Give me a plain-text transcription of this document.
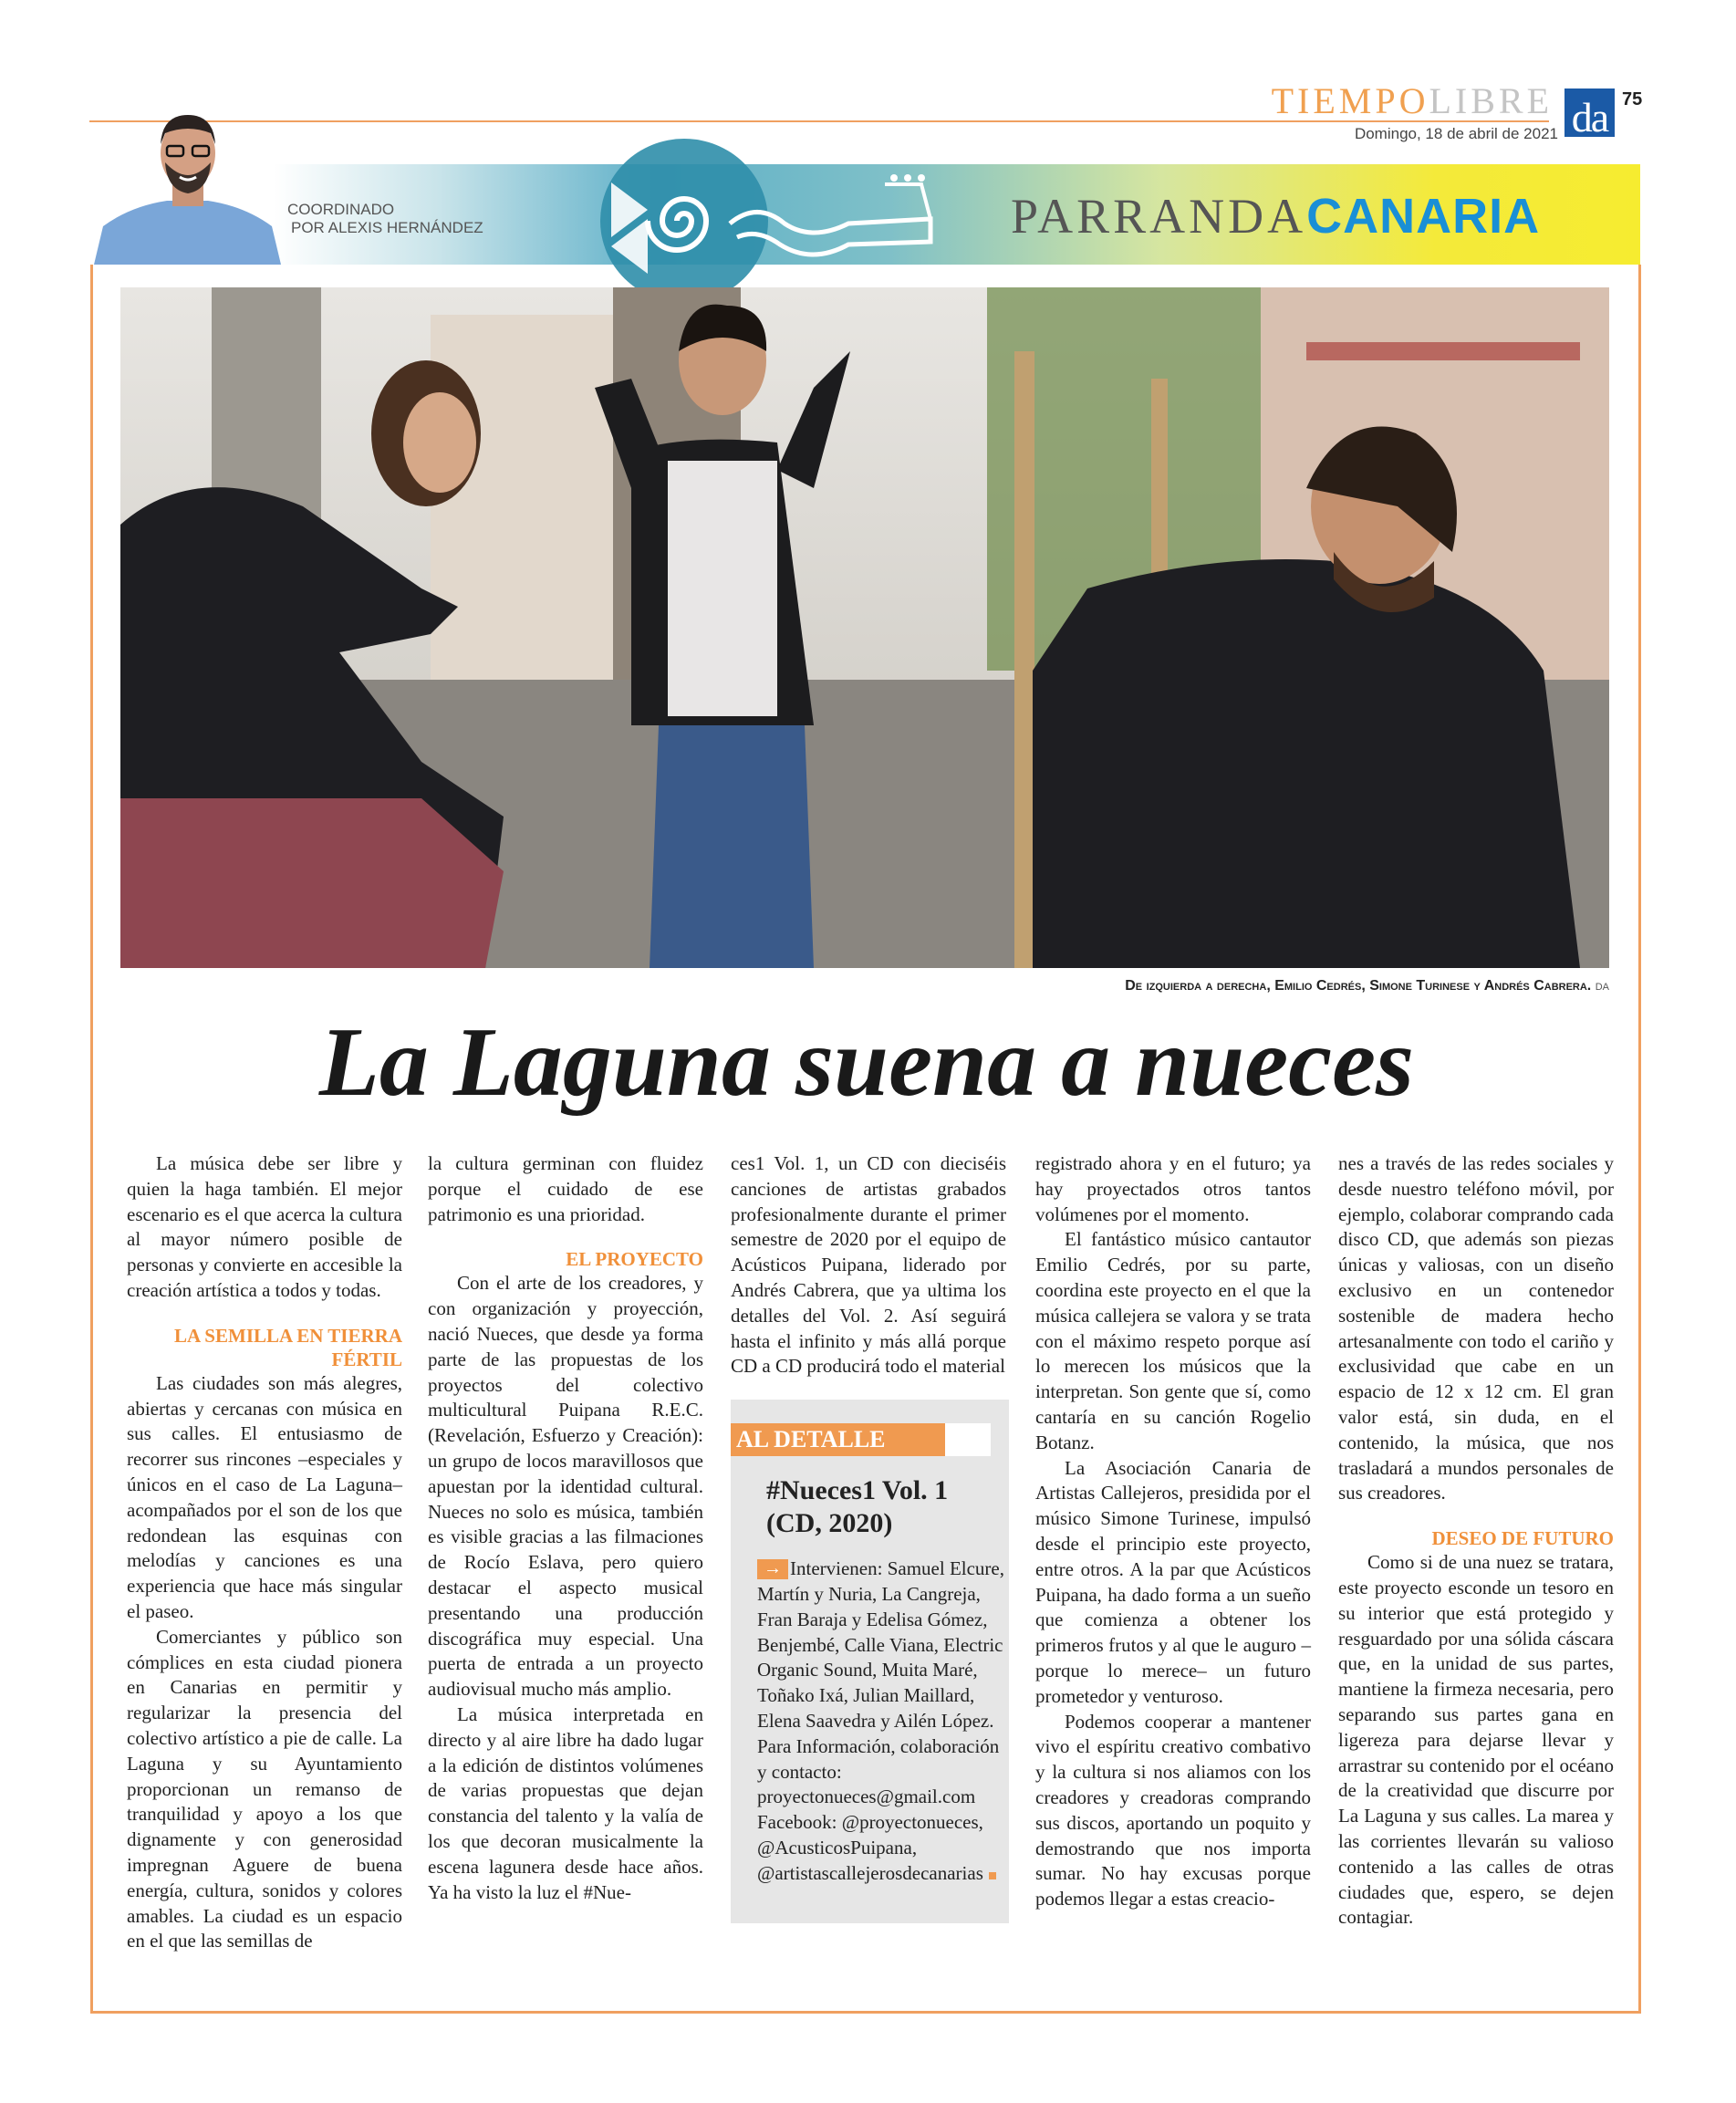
TIEMPOLIBRE
Domingo, 18 de abril de 2021 da 75
COORDINADO
POR ALEXIS HERNÁNDEZ	PARRANDACANARIA
De izquierda a derecha, Emilio Cedrés, Simone Turinese y Andrés Cabrera. da
La Laguna suena a nueces

La música debe ser libre y quien la haga también. El mejor escenario es el que acerca la cultura al mayor número posible de personas y convierte en accesible la creación artística a todos y todas.

LA SEMILLA EN TIERRA FÉRTIL

Las ciudades son más alegres, abiertas y cercanas con música en sus calles. El entusiasmo de recorrer sus rincones –especiales y únicos en el caso de La Laguna– acompañados por el son de los que redondean las esquinas con melodías y canciones es una experiencia que hace más singular el paseo.

Comerciantes y público son cómplices en esta ciudad pionera en Canarias en permitir y regularizar la presencia del colectivo artístico a pie de calle. La Laguna y su Ayuntamiento proporcionan un remanso de tranquilidad y apoyo a los que dignamente y con generosidad impregnan Aguere de buena energía, cultura, sonidos y colores amables. La ciudad es un espacio en el que las semillas de

la cultura germinan con fluidez porque el cuidado de ese patrimonio es una prioridad.

EL PROYECTO

Con el arte de los creadores, y con organización y proyección, nació Nueces, que desde ya forma parte de las propuestas de los proyectos del colectivo multicultural Puipana R.E.C. (Revelación, Esfuerzo y Creación): un grupo de locos maravillosos que apuestan por la identidad cultural. Nueces no solo es música, también es visible gracias a las filmaciones de Rocío Eslava, pero quiero destacar el aspecto musical presentando una producción discográfica muy especial. Una puerta de entrada a un proyecto audiovisual mucho más amplio.

La música interpretada en directo y al aire libre ha dado lugar a la edición de distintos volúmenes de varias propuestas que dejan constancia del talento y la valía de los que decoran musicalmente la escena lagunera desde hace años. Ya ha visto la luz el #Nue-

ces1 Vol. 1, un CD con dieciséis canciones de artistas grabados profesionalmente durante el primer semestre de 2020 por el equipo de Acústicos Puipana, liderado por Andrés Cabrera, que ya ultima los detalles del Vol. 2. Así seguirá hasta el infinito y más allá porque CD a CD producirá todo el material

AL DETALLE
#Nueces1 Vol. 1 (CD, 2020)
→ Intervienen: Samuel Elcure, Martín y Nuria, La Cangreja, Fran Baraja y Edelisa Gómez, Benjembé, Calle Viana, Electric Organic Sound, Muita Maré, Toñako Ixá, Julian Maillard, Elena Saavedra y Ailén López. Para Información, colaboración y contacto: proyectonueces@gmail.com Facebook: @proyectonueces, @AcusticosPuipana, @artistascallejerosdecanarias

registrado ahora y en el futuro; ya hay proyectados otros tantos volúmenes por el momento.

El fantástico músico cantautor Emilio Cedrés, por su parte, coordina este proyecto en el que la música callejera se valora y se trata con el máximo respeto porque así lo merecen los músicos que la interpretan. Son gente que sí, como cantaría en su canción Rogelio Botanz.

La Asociación Canaria de Artistas Callejeros, presidida por el músico Simone Turinese, impulsó desde el principio este proyecto, entre otros. A la par que Acústicos Puipana, ha dado forma a un sueño que comienza a obtener los primeros frutos y al que le auguro –porque lo merece– un futuro prometedor y venturoso.

Podemos cooperar a mantener vivo el espíritu creativo combativo y la cultura si nos aliamos con los creadores y creadoras comprando sus discos, aportando un poquito y demostrando que nos importa sumar. No hay excusas porque podemos llegar a estas creacio-

nes a través de las redes sociales y desde nuestro teléfono móvil, por ejemplo, colaborar comprando cada disco CD, que además son piezas únicas y valiosas, con un diseño exclusivo en un contenedor sostenible de madera hecho artesanalmente con todo el cariño y exclusividad que cabe en un espacio de 12 x 12 cm. El gran valor está, sin duda, en el contenido, la música, que nos trasladará a mundos personales de sus creadores.

DESEO DE FUTURO

Como si de una nuez se tratara, este proyecto esconde un tesoro en su interior que está protegido y resguardado por una sólida cáscara que, en la unidad de sus partes, mantiene la firmeza necesaria, pero separando sus partes gana en ligereza para dejarse llevar y arrastrar su contenido por el océano de la creatividad que discurre por La Laguna y sus calles. La marea y las corrientes llevarán su valioso contenido a las calles de otras ciudades que, espero, se dejen contagiar.
